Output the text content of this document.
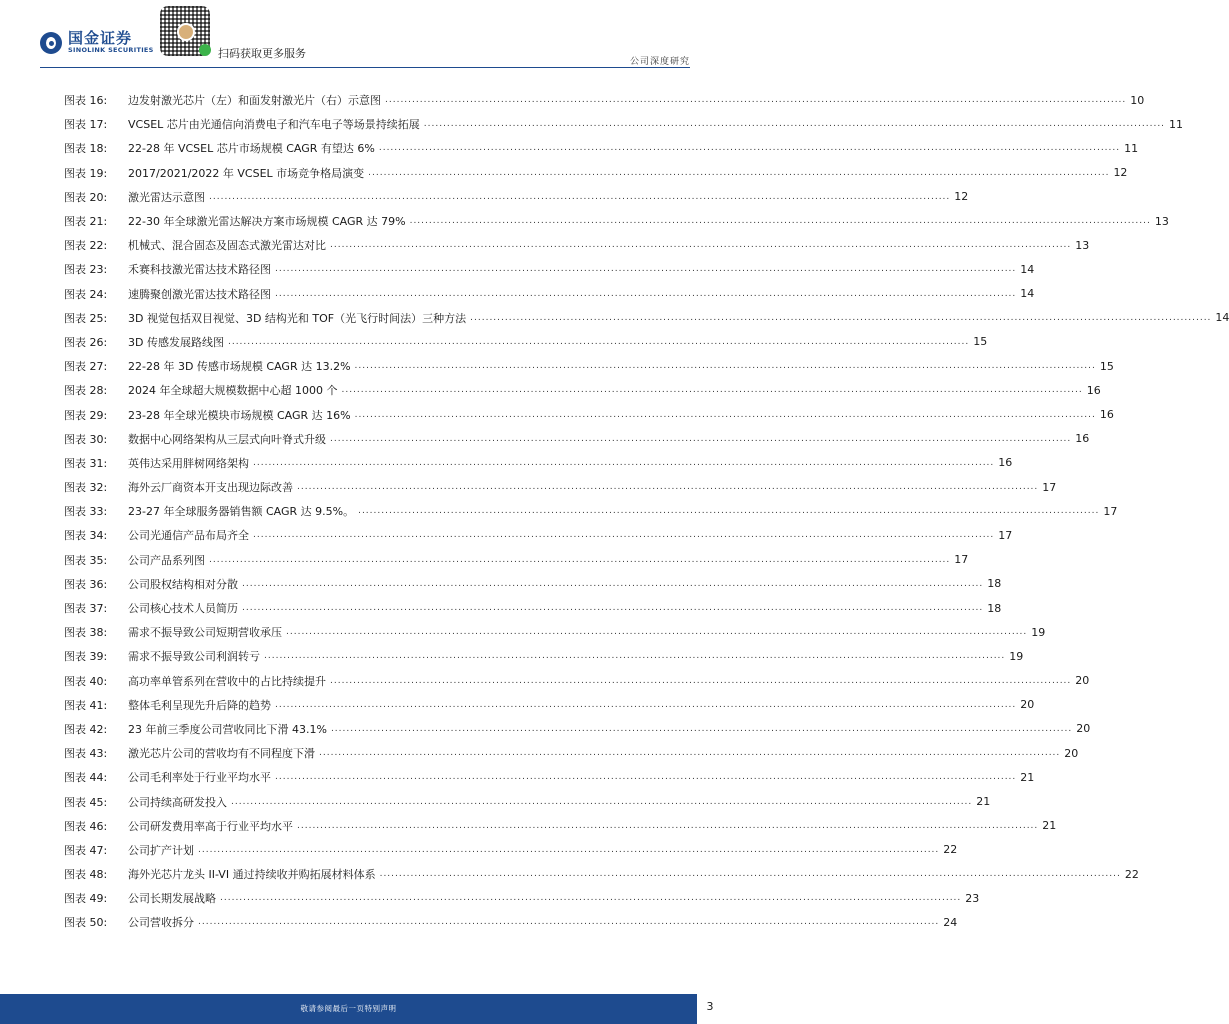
国金证券
SINOLINK SECURITIES	扫码获取更多服务
公司深度研究
图表 16:	边发射激光芯片（左）和面发射激光片（右）示意图 .....	10
图表 17:	VCSEL 芯片由光通信向消费电子和汽车电子等场景持续拓展 .....	11
图表 18:	22-28 年 VCSEL 芯片市场规模 CAGR 有望达 6% .....	11
图表 19:	2017/2021/2022 年 VCSEL 市场竞争格局演变 .....	12
图表 20:	激光雷达示意图 .....	12
图表 21:	22-30 年全球激光雷达解决方案市场规模 CAGR 达 79% .....	13
图表 22:	机械式、混合固态及固态式激光雷达对比 .....	13
图表 23:	禾赛科技激光雷达技术路径图 .....	14
图表 24:	速腾聚创激光雷达技术路径图 .....	14
图表 25:	3D 视觉包括双目视觉、3D 结构光和 TOF（光飞行时间法）三种方法 .....	14
图表 26:	3D 传感发展路线图 .....	15
图表 27:	22-28 年 3D 传感市场规模 CAGR 达 13.2% .....	15
图表 28:	2024 年全球超大规模数据中心超 1000 个 .....	16
图表 29:	23-28 年全球光模块市场规模 CAGR 达 16% .....	16
图表 30:	数据中心网络架构从三层式向叶脊式升级 .....	16
图表 31:	英伟达采用胖树网络架构 .....	16
图表 32:	海外云厂商资本开支出现边际改善 .....	17
图表 33:	23-27 年全球服务器销售额 CAGR 达 9.5%。 .....	17
图表 34:	公司光通信产品布局齐全 .....	17
图表 35:	公司产品系列图 .....	17
图表 36:	公司股权结构相对分散 .....	18
图表 37:	公司核心技术人员简历 .....	18
图表 38:	需求不振导致公司短期营收承压 .....	19
图表 39:	需求不振导致公司利润转亏 .....	19
图表 40:	高功率单管系列在营收中的占比持续提升 .....	20
图表 41:	整体毛利呈现先升后降的趋势 .....	20
图表 42:	23 年前三季度公司营收同比下滑 43.1% .....	20
图表 43:	激光芯片公司的营收均有不同程度下滑 .....	20
图表 44:	公司毛利率处于行业平均水平 .....	21
图表 45:	公司持续高研发投入 .....	21
图表 46:	公司研发费用率高于行业平均水平 .....	21
图表 47:	公司扩产计划 .....	22
图表 48:	海外光芯片龙头 II-VI 通过持续收并购拓展材料体系 .....	22
图表 49:	公司长期发展战略 .....	23
图表 50:	公司营收拆分 .....	24
敬请参阅最后一页特别声明	3
